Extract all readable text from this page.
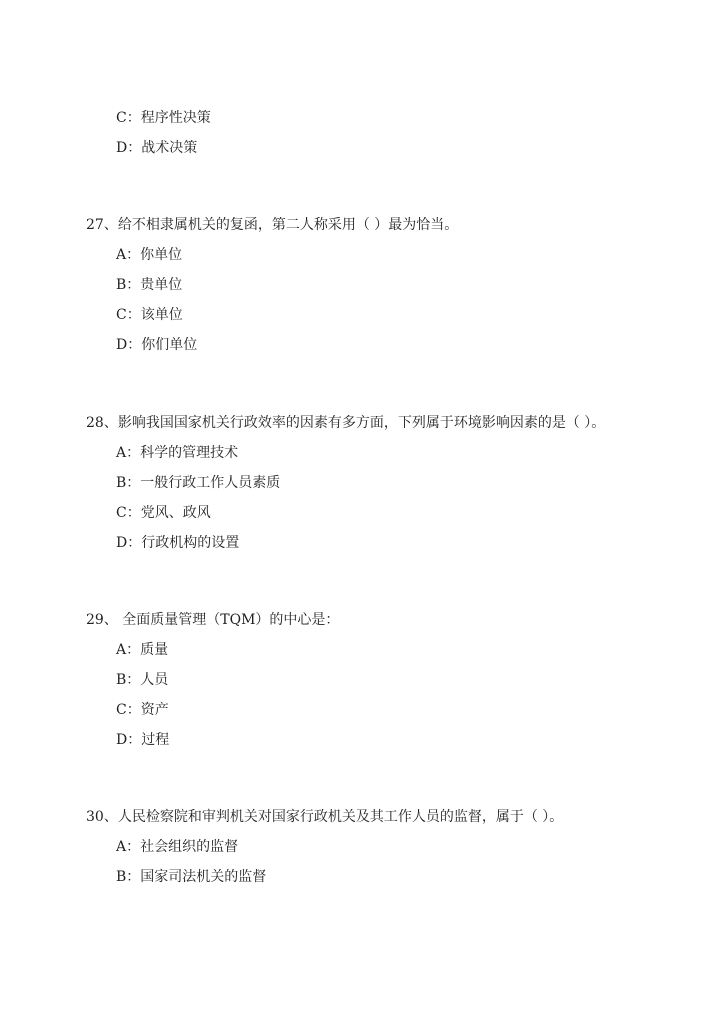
C：程序性决策
D：战术决策
27、给不相隶属机关的复函，第二人称采用（ ）最为恰当。
A：你单位
B：贵单位
C：该单位
D：你们单位
28、影响我国国家机关行政效率的因素有多方面，下列属于环境影响因素的是（ ）。
A：科学的管理技术
B：一般行政工作人员素质
C：党风、政风
D：行政机构的设置
29、 全面质量管理（TQM）的中心是：
A：质量
B：人员
C：资产
D：过程
30、人民检察院和审判机关对国家行政机关及其工作人员的监督，属于（ ）。
A：社会组织的监督
B：国家司法机关的监督
